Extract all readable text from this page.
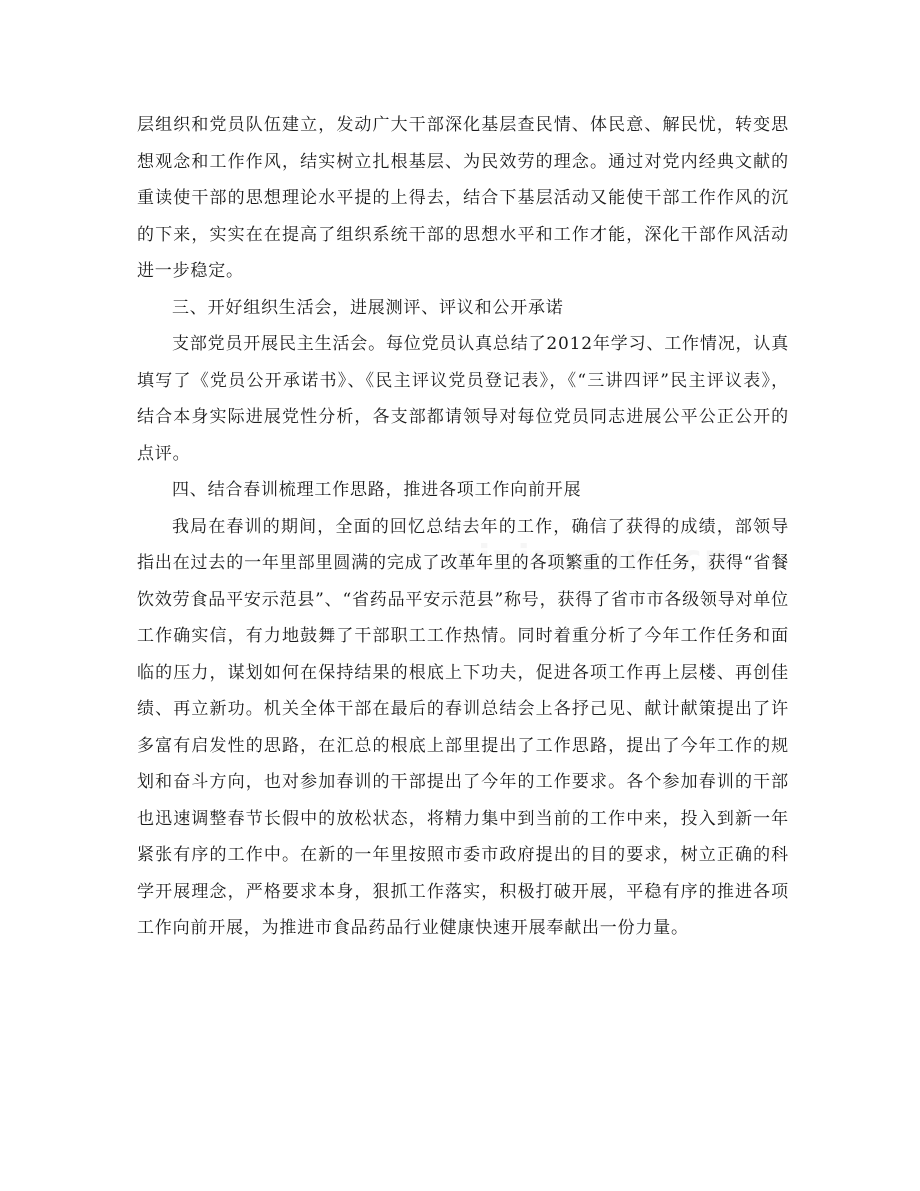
层组织和党员队伍建立，发动广大干部深化基层查民情、体民意、解民忧，转变思想观念和工作作风，结实树立扎根基层、为民效劳的理念。通过对党内经典文献的重读使干部的思想理论水平提的上得去，结合下基层活动又能使干部工作作风的沉的下来，实实在在提高了组织系统干部的思想水平和工作才能，深化干部作风活动进一步稳定。

三、开好组织生活会，进展测评、评议和公开承诺

支部党员开展民主生活会。每位党员认真总结了2012年学习、工作情况，认真填写了《党员公开承诺书》、《民主评议党员登记表》，《“三讲四评”民主评议表》，结合本身实际进展党性分析，各支部都请领导对每位党员同志进展公平公正公开的点评。

四、结合春训梳理工作思路，推进各项工作向前开展

我局在春训的期间，全面的回忆总结去年的工作，确信了获得的成绩，部领导指出在过去的一年里部里圆满的完成了改革年里的各项繁重的工作任务，获得“省餐饮效劳食品平安示范县”、“省药品平安示范县”称号，获得了省市市各级领导对单位工作确实信，有力地鼓舞了干部职工工作热情。同时着重分析了今年工作任务和面临的压力，谋划如何在保持结果的根底上下功夫，促进各项工作再上层楼、再创佳绩、再立新功。机关全体干部在最后的春训总结会上各抒己见、献计献策提出了许多富有启发性的思路，在汇总的根底上部里提出了工作思路，提出了今年工作的规划和奋斗方向，也对参加春训的干部提出了今年的工作要求。各个参加春训的干部也迅速调整春节长假中的放松状态，将精力集中到当前的工作中来，投入到新一年紧张有序的工作中。在新的一年里按照市委市政府提出的目的要求，树立正确的科学开展理念，严格要求本身，狠抓工作落实，积极打破开展，平稳有序的推进各项工作向前开展，为推进市食品药品行业健康快速开展奉献出一份力量。
